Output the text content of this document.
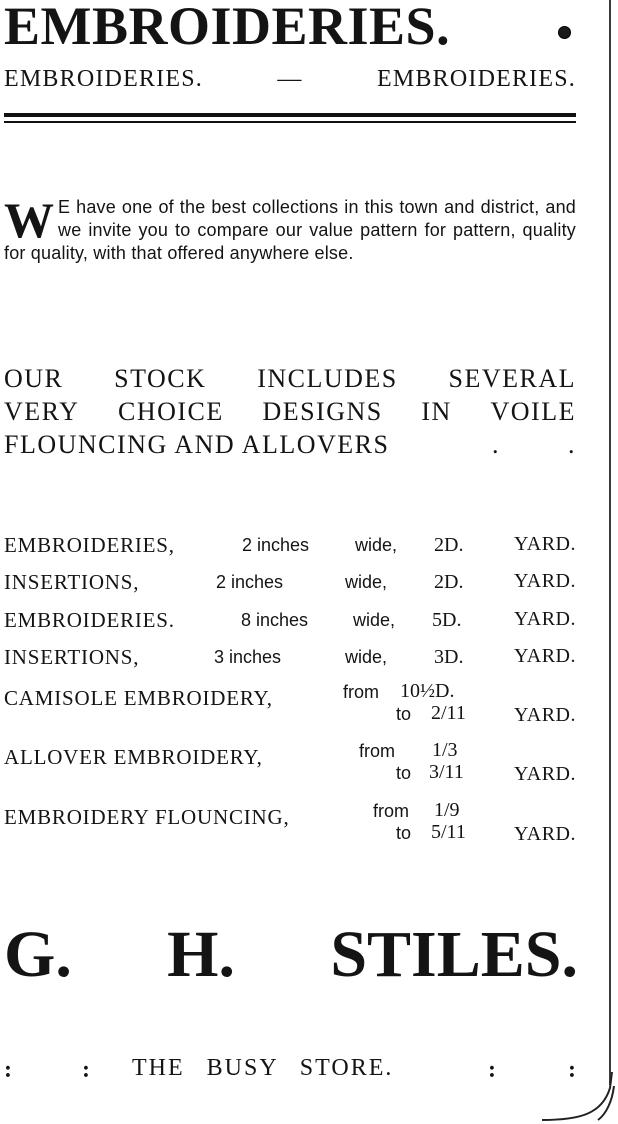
EMBROIDERIES.
EMBROIDERIES.	—	EMBROIDERIES.
W E have one of the best collections in this town and district, and we invite you to compare our value pattern for pattern, quality for quality, with that offered anywhere else.
OUR STOCK INCLUDES SEVERAL
VERY CHOICE DESIGNS IN VOILE
FLOUNCING AND ALLOVERS	. .
EMBROIDERIES,	2 inches	wide, 2D.	YARD.
INSERTIONS,	2 inches	wide, 2D.	YARD.
EMBROIDERIES.	8 inches wide, 5D.	YARD.
INSERTIONS,	3 inches	wide, 3D.	YARD.
CAMISOLE EMBROIDERY,	from 10½D.
to 2/11 YARD.
ALLOVER EMBROIDERY,	from 1/3
to 3/11	YARD.
EMBROIDERY FLOUNCING,	from 1/9
to 5/11 YARD.
G. H. STILES.
:	: THE BUSY STORE.	:	:
